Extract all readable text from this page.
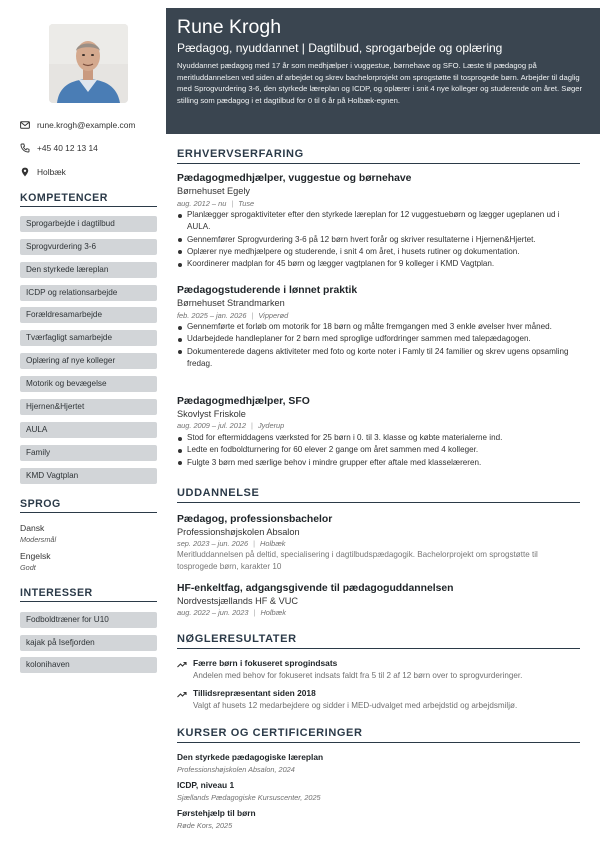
rune.krogh@example.com
+45 40 12 13 14
Holbæk
KOMPETENCER
Sprogarbejde i dagtilbud
Sprogvurdering 3-6
Den styrkede læreplan
ICDP og relationsarbejde
Forældresamarbejde
Tværfagligt samarbejde
Oplæring af nye kolleger
Motorik og bevægelse
Hjernen&Hjertet
AULA
Family
KMD Vagtplan
SPROG
Dansk
Modersmål
Engelsk
Godt
INTERESSER
Fodboldtræner for U10
kajak på Isefjorden
kolonihaven
Rune Krogh
Pædagog, nyuddannet | Dagtilbud, sprogarbejde og oplæring
Nyuddannet pædagog med 17 år som medhjælper i vuggestue, børnehave og SFO. Læste til pædagog på meritluddannelsen ved siden af arbejdet og skrev bachelorprojekt om sprogstøtte til tosprogede børn. Arbejder til daglig med Sprogvurdering 3-6, den styrkede læreplan og ICDP, og oplærer i snit 4 nye kolleger og studerende om året. Søger stilling som pædagog i et dagtilbud for 0 til 6 år på Holbæk-egnen.
ERHVERVSERFARING
Pædagogmedhjælper, vuggestue og børnehave
Børnehuset Egely
aug. 2012 – nu | Tuse
Planlægger sprogaktiviteter efter den styrkede læreplan for 12 vuggestuebørn og lægger ugeplanen ud i AULA.
Gennemfører Sprogvurdering 3-6 på 12 børn hvert forår og skriver resultaterne i Hjernen&Hjertet.
Oplærer nye medhjælpere og studerende, i snit 4 om året, i husets rutiner og dokumentation.
Koordinerer madplan for 45 børn og lægger vagtplanen for 9 kolleger i KMD Vagtplan.
Pædagogstuderende i lønnet praktik
Børnehuset Strandmarken
feb. 2025 – jan. 2026 | Vipperød
Gennemførte et forløb om motorik for 18 børn og målte fremgangen med 3 enkle øvelser hver måned.
Udarbejdede handleplaner for 2 børn med sproglige udfordringer sammen med talepædagogen.
Dokumenterede dagens aktiviteter med foto og korte noter i Famly til 24 familier og skrev ugens opsamling fredag.
Pædagogmedhjælper, SFO
Skovlyst Friskole
aug. 2009 – jul. 2012 | Jyderup
Stod for eftermiddagens værksted for 25 børn i 0. til 3. klasse og købte materialerne ind.
Ledte en fodboldturnering for 60 elever 2 gange om året sammen med 4 kolleger.
Fulgte 3 børn med særlige behov i mindre grupper efter aftale med klasselæreren.
UDDANNELSE
Pædagog, professionsbachelor
Professionshøjskolen Absalon
sep. 2023 – jun. 2026 | Holbæk
Meritluddannelsen på deltid, specialisering i dagtilbudspædagogik. Bachelorprojekt om sprogstøtte til tosprogede børn, karakter 10
HF-enkeltfag, adgangsgivende til pædagoguddannelsen
Nordvestsjællands HF & VUC
aug. 2022 – jun. 2023 | Holbæk
NØGLERESULTATER
Færre børn i fokuseret sprogindsats
Andelen med behov for fokuseret indsats faldt fra 5 til 2 af 12 børn over to sprogvurderinger.
Tillidsrepræsentant siden 2018
Valgt af husets 12 medarbejdere og sidder i MED-udvalget med arbejdstid og arbejdsmiljø.
KURSER OG CERTIFICERINGER
Den styrkede pædagogiske læreplan
Professionshøjskolen Absalon, 2024
ICDP, niveau 1
Sjællands Pædagogiske Kursuscenter, 2025
Førstehjælp til børn
Røde Kors, 2025
